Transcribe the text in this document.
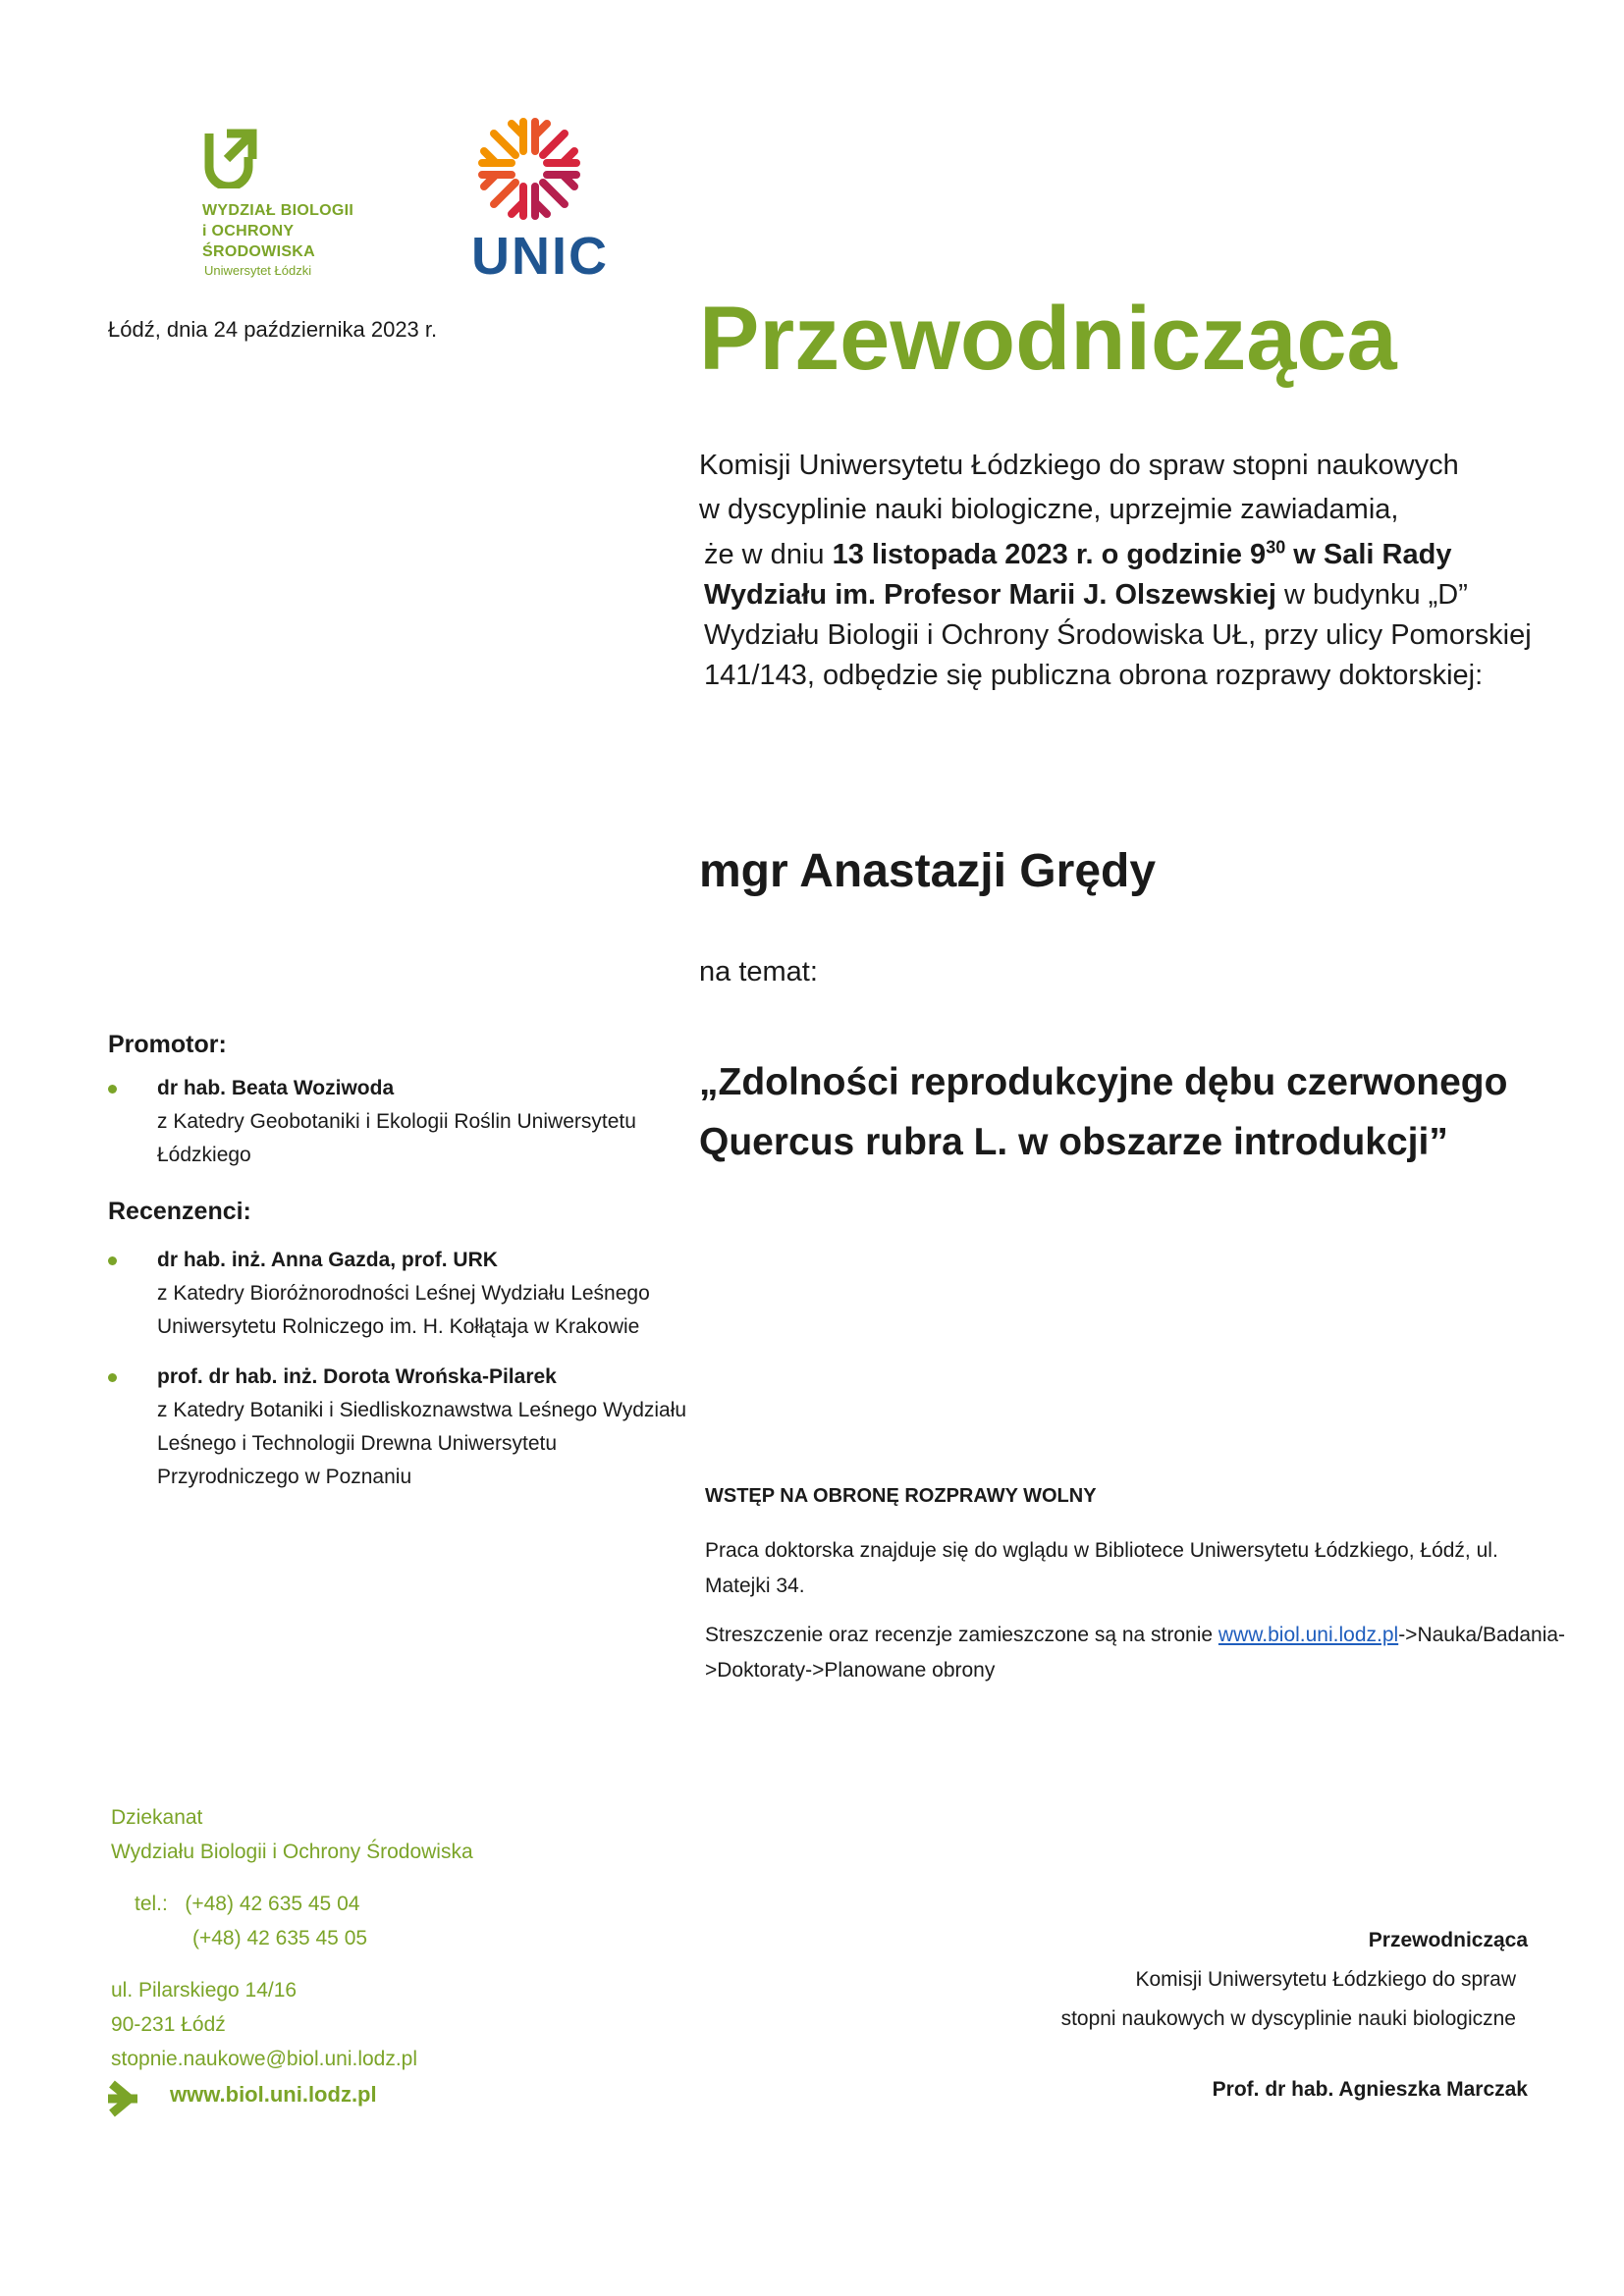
WYDZIAŁ BIOLOGII
i OCHRONY
ŚRODOWISKA
Uniwersytet Łódzki	UNIC
Łódź, dnia 24 października 2023 r.	Przewodnicząca
Komisji Uniwersytetu Łódzkiego do spraw stopni naukowych
w dyscyplinie nauki biologiczne, uprzejmie zawiadamia,
że w dniu 13 listopada 2023 r. o godzinie $9^{30}$ w Sali Rady Wydziału im. Profesor Marii J. Olszewskiej w budynku „D” Wydziału Biologii i Ochrony Środowiska UŁ, przy ulicy Pomorskiej 141/143, odbędzie się publiczna obrona rozprawy doktorskiej:
mgr Anastazji Grędy
na temat:
„Zdolności reprodukcyjne dębu czerwonego Quercus rubra L. w obszarze introdukcji”
Promotor:
dr hab. Beata Woziwoda
z Katedry Geobotaniki i Ekologii Roślin Uniwersytetu Łódzkiego
Recenzenci:
dr hab. inż. Anna Gazda, prof. URK
z Katedry Bioróżnorodności Leśnej Wydziału Leśnego Uniwersytetu Rolniczego im. H. Kołłątaja w Krakowie
prof. dr hab. inż. Dorota Wrońska-Pilarek
z Katedry Botaniki i Siedliskoznawstwa Leśnego Wydziału Leśnego i Technologii Drewna Uniwersytetu Przyrodniczego w Poznaniu
WSTĘP NA OBRONĘ ROZPRAWY WOLNY
Praca doktorska znajduje się do wglądu w Bibliotece Uniwersytetu Łódzkiego, Łódź, ul. Matejki 34.
Streszczenie oraz recenzje zamieszczone są na stronie www.biol.uni.lodz.pl->Nauka/Badania->Doktoraty->Planowane obrony
Dziekanat
Wydziału Biologii i Ochrony Środowiska
tel.: (+48) 42 635 45 04
(+48) 42 635 45 05
ul. Pilarskiego 14/16
90-231 Łódź
stopnie.naukowe@biol.uni.lodz.pl
www.biol.uni.lodz.pl
Przewodnicząca
Komisji Uniwersytetu Łódzkiego do spraw
stopni naukowych w dyscyplinie nauki biologiczne
Prof. dr hab. Agnieszka Marczak
